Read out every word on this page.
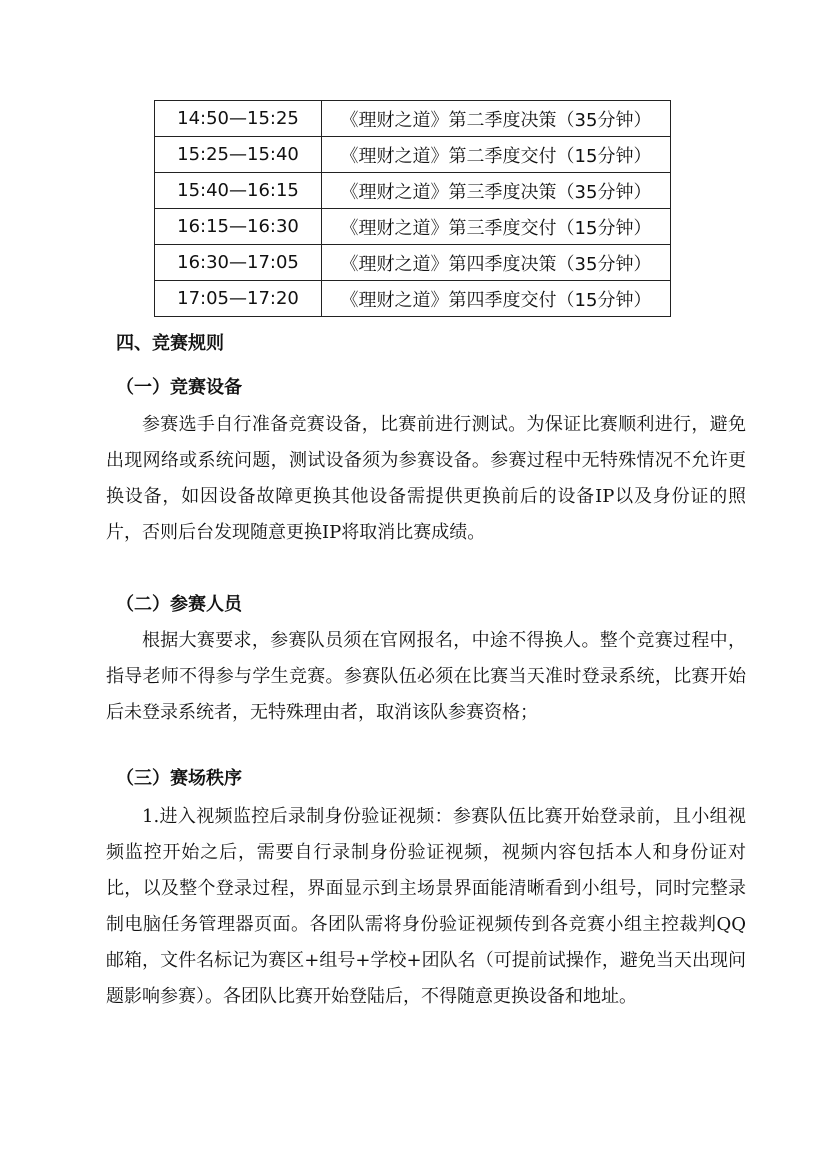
14:50—15:25	《理财之道》第二季度决策（35分钟）
15:25—15:40	《理财之道》第二季度交付（15分钟）
15:40—16:15	《理财之道》第三季度决策（35分钟）
16:15—16:30	《理财之道》第三季度交付（15分钟）
16:30—17:05	《理财之道》第四季度决策（35分钟）
17:05—17:20	《理财之道》第四季度交付（15分钟）
四、竞赛规则
（一）竞赛设备

参赛选手自行准备竞赛设备，比赛前进行测试。为保证比赛顺利进行，避免出现网络或系统问题，测试设备须为参赛设备。参赛过程中无特殊情况不允许更换设备，如因设备故障更换其他设备需提供更换前后的设备IP以及身份证的照片，否则后台发现随意更换IP将取消比赛成绩。

（二）参赛人员

根据大赛要求，参赛队员须在官网报名，中途不得换人。整个竞赛过程中，指导老师不得参与学生竞赛。参赛队伍必须在比赛当天准时登录系统，比赛开始后未登录系统者，无特殊理由者，取消该队参赛资格；

（三）赛场秩序

1.进入视频监控后录制身份验证视频：参赛队伍比赛开始登录前，且小组视频监控开始之后，需要自行录制身份验证视频，视频内容包括本人和身份证对比，以及整个登录过程，界面显示到主场景界面能清晰看到小组号，同时完整录制电脑任务管理器页面。各团队需将身份验证视频传到各竞赛小组主控裁判QQ邮箱，文件名标记为赛区+组号+学校+团队名（可提前试操作，避免当天出现问题影响参赛）。各团队比赛开始登陆后，不得随意更换设备和地址。
